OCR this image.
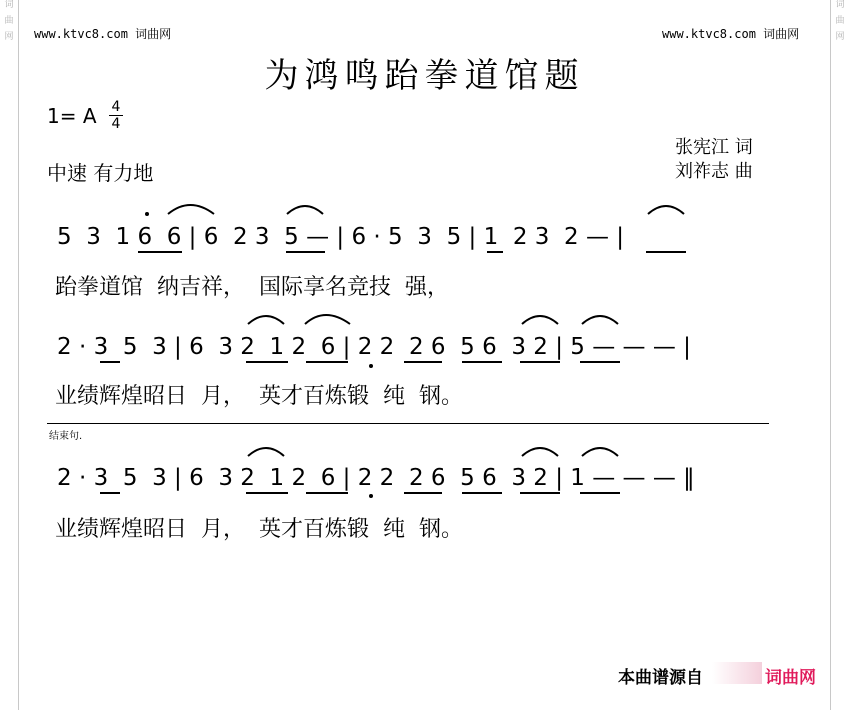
词
曲
网
词
曲
网
www.ktvc8.com 词曲网	www.ktvc8.com 词曲网
为鸿鸣跆拳道馆题
1= A 4
4
中速 有力地
张宪江 词
刘祚志 曲
5  3  1 6  6 | 6  2 3  5 — | 6 · 5  3  5 | 1  2 3  2 — |
跆拳道馆  纳吉祥，  国际享名竞技  强，
2 · 3  5  3 | 6  3 2  1 2  6 | 2 2  2 6  5 6  3 2 | 5 — — — |
业绩辉煌昭日  月，  英才百炼锻  纯  钢。
结束句.
2 · 3  5  3 | 6  3 2  1 2  6 | 2 2  2 6  5 6  3 2 | 1 — — — ‖
业绩辉煌昭日  月，  英才百炼锻  纯  钢。
本曲谱源自	词曲网
